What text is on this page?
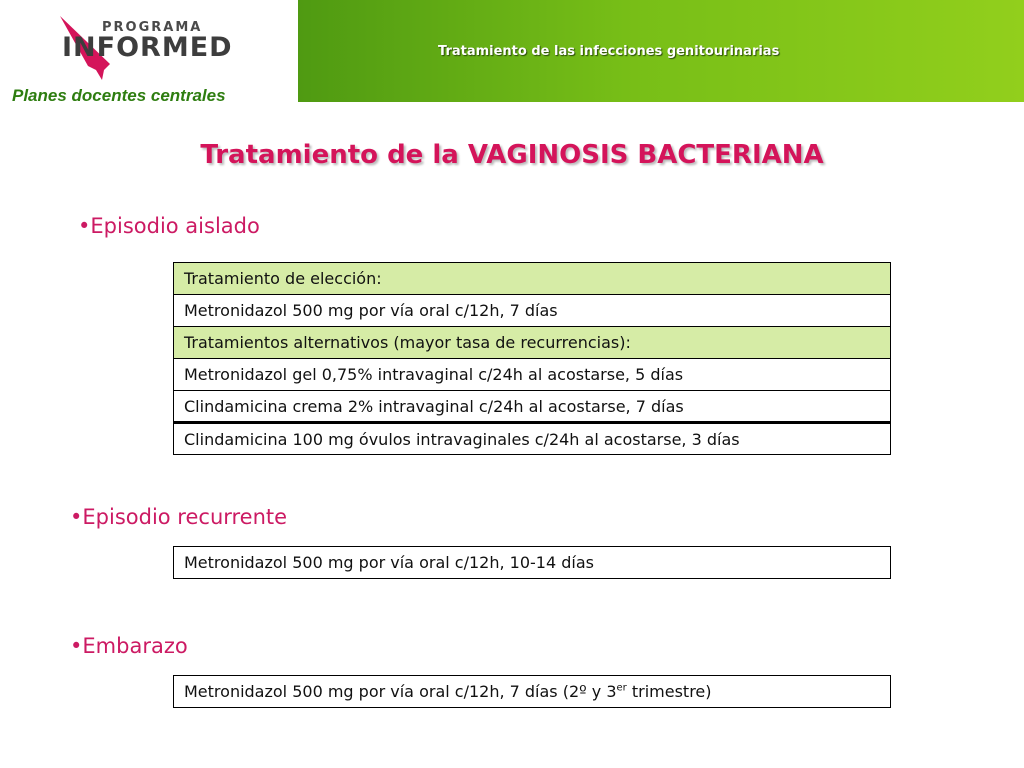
PROGRAMA
INFORMED
Planes docentes centrales
Tratamiento de las infecciones genitourinarias
Tratamiento de la VAGINOSIS BACTERIANA
•Episodio aislado
Tratamiento de elección:
Metronidazol 500 mg por vía oral c/12h, 7 días
Tratamientos alternativos (mayor tasa de recurrencias):
Metronidazol gel 0,75% intravaginal c/24h al acostarse, 5 días
Clindamicina crema 2% intravaginal c/24h al acostarse, 7 días
Clindamicina 100 mg óvulos intravaginales c/24h al acostarse, 3 días
•Episodio recurrente
Metronidazol 500 mg por vía oral c/12h, 10-14 días
•Embarazo
Metronidazol 500 mg por vía oral c/12h, 7 días (2º y 3er trimestre)
